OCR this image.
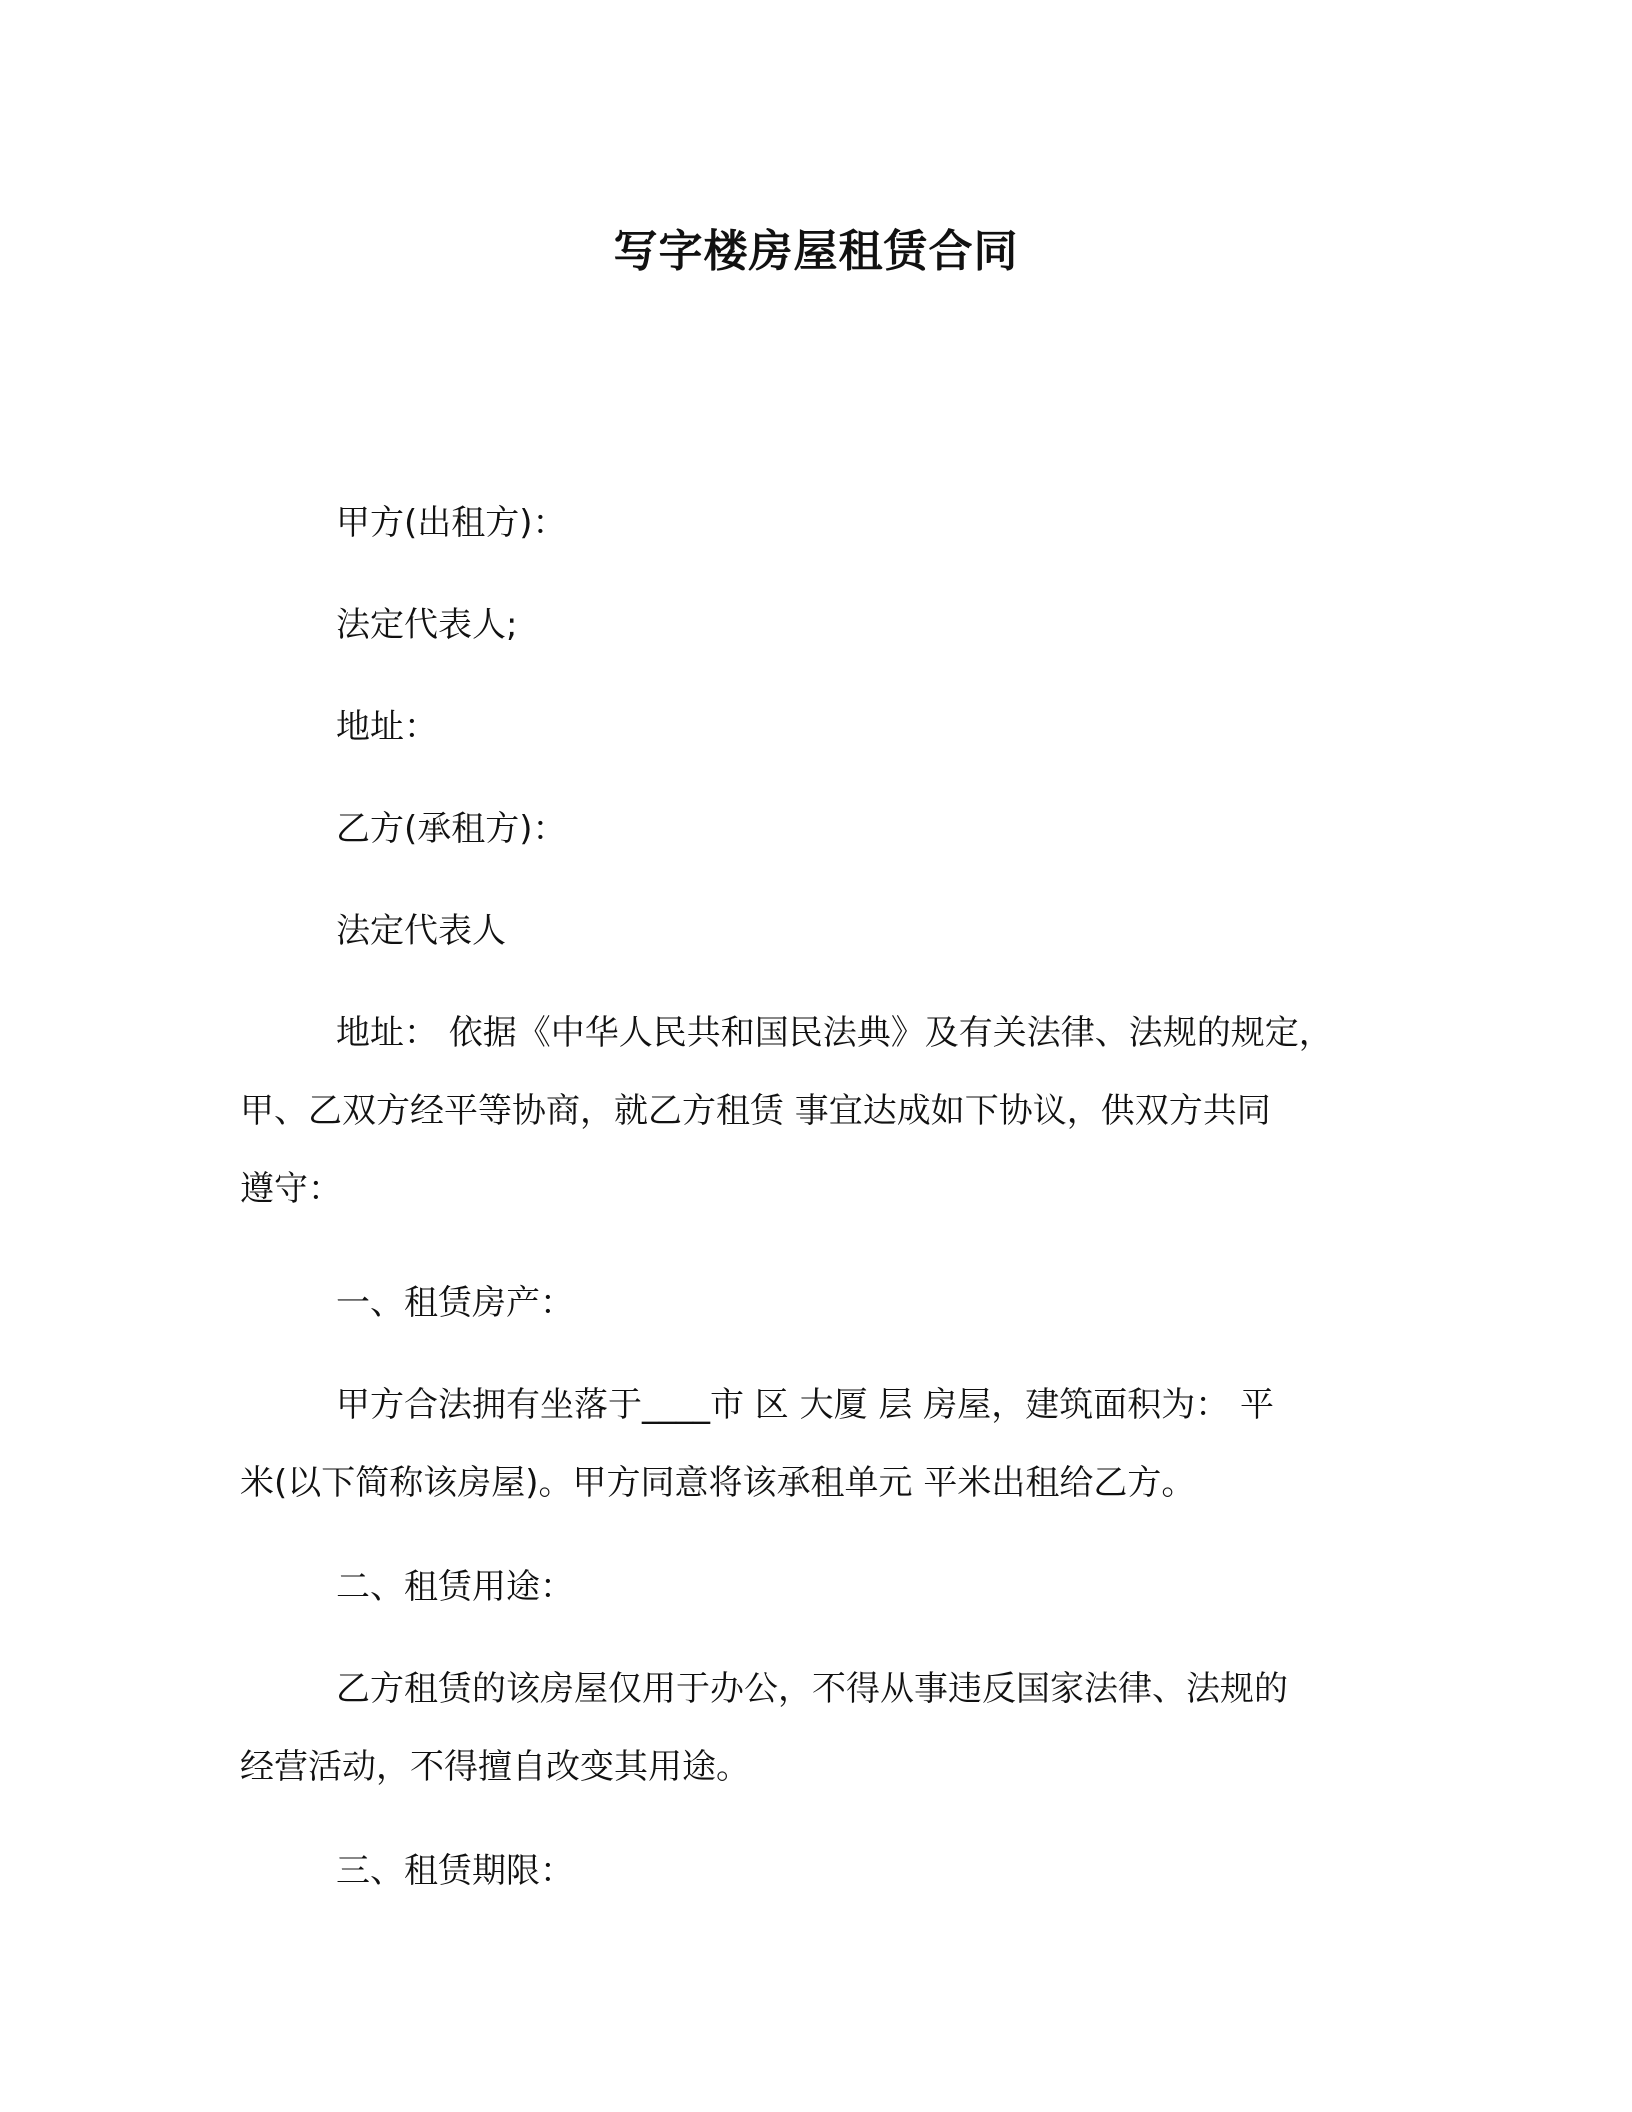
写字楼房屋租赁合同
甲方(出租方)：
法定代表人;
地址：
乙方(承租方)：
法定代表人
地址： 依据《中华人民共和国民法典》及有关法律、法规的规定，
甲、乙双方经平等协商，就乙方租赁 事宜达成如下协议，供双方共同
遵守：
一、租赁房产：
甲方合法拥有坐落于____市 区 大厦 层 房屋，建筑面积为： 平
米(以下简称该房屋)。甲方同意将该承租单元 平米出租给乙方。
二、租赁用途：
乙方租赁的该房屋仅用于办公，不得从事违反国家法律、法规的
经营活动，不得擅自改变其用途。
三、租赁期限：
